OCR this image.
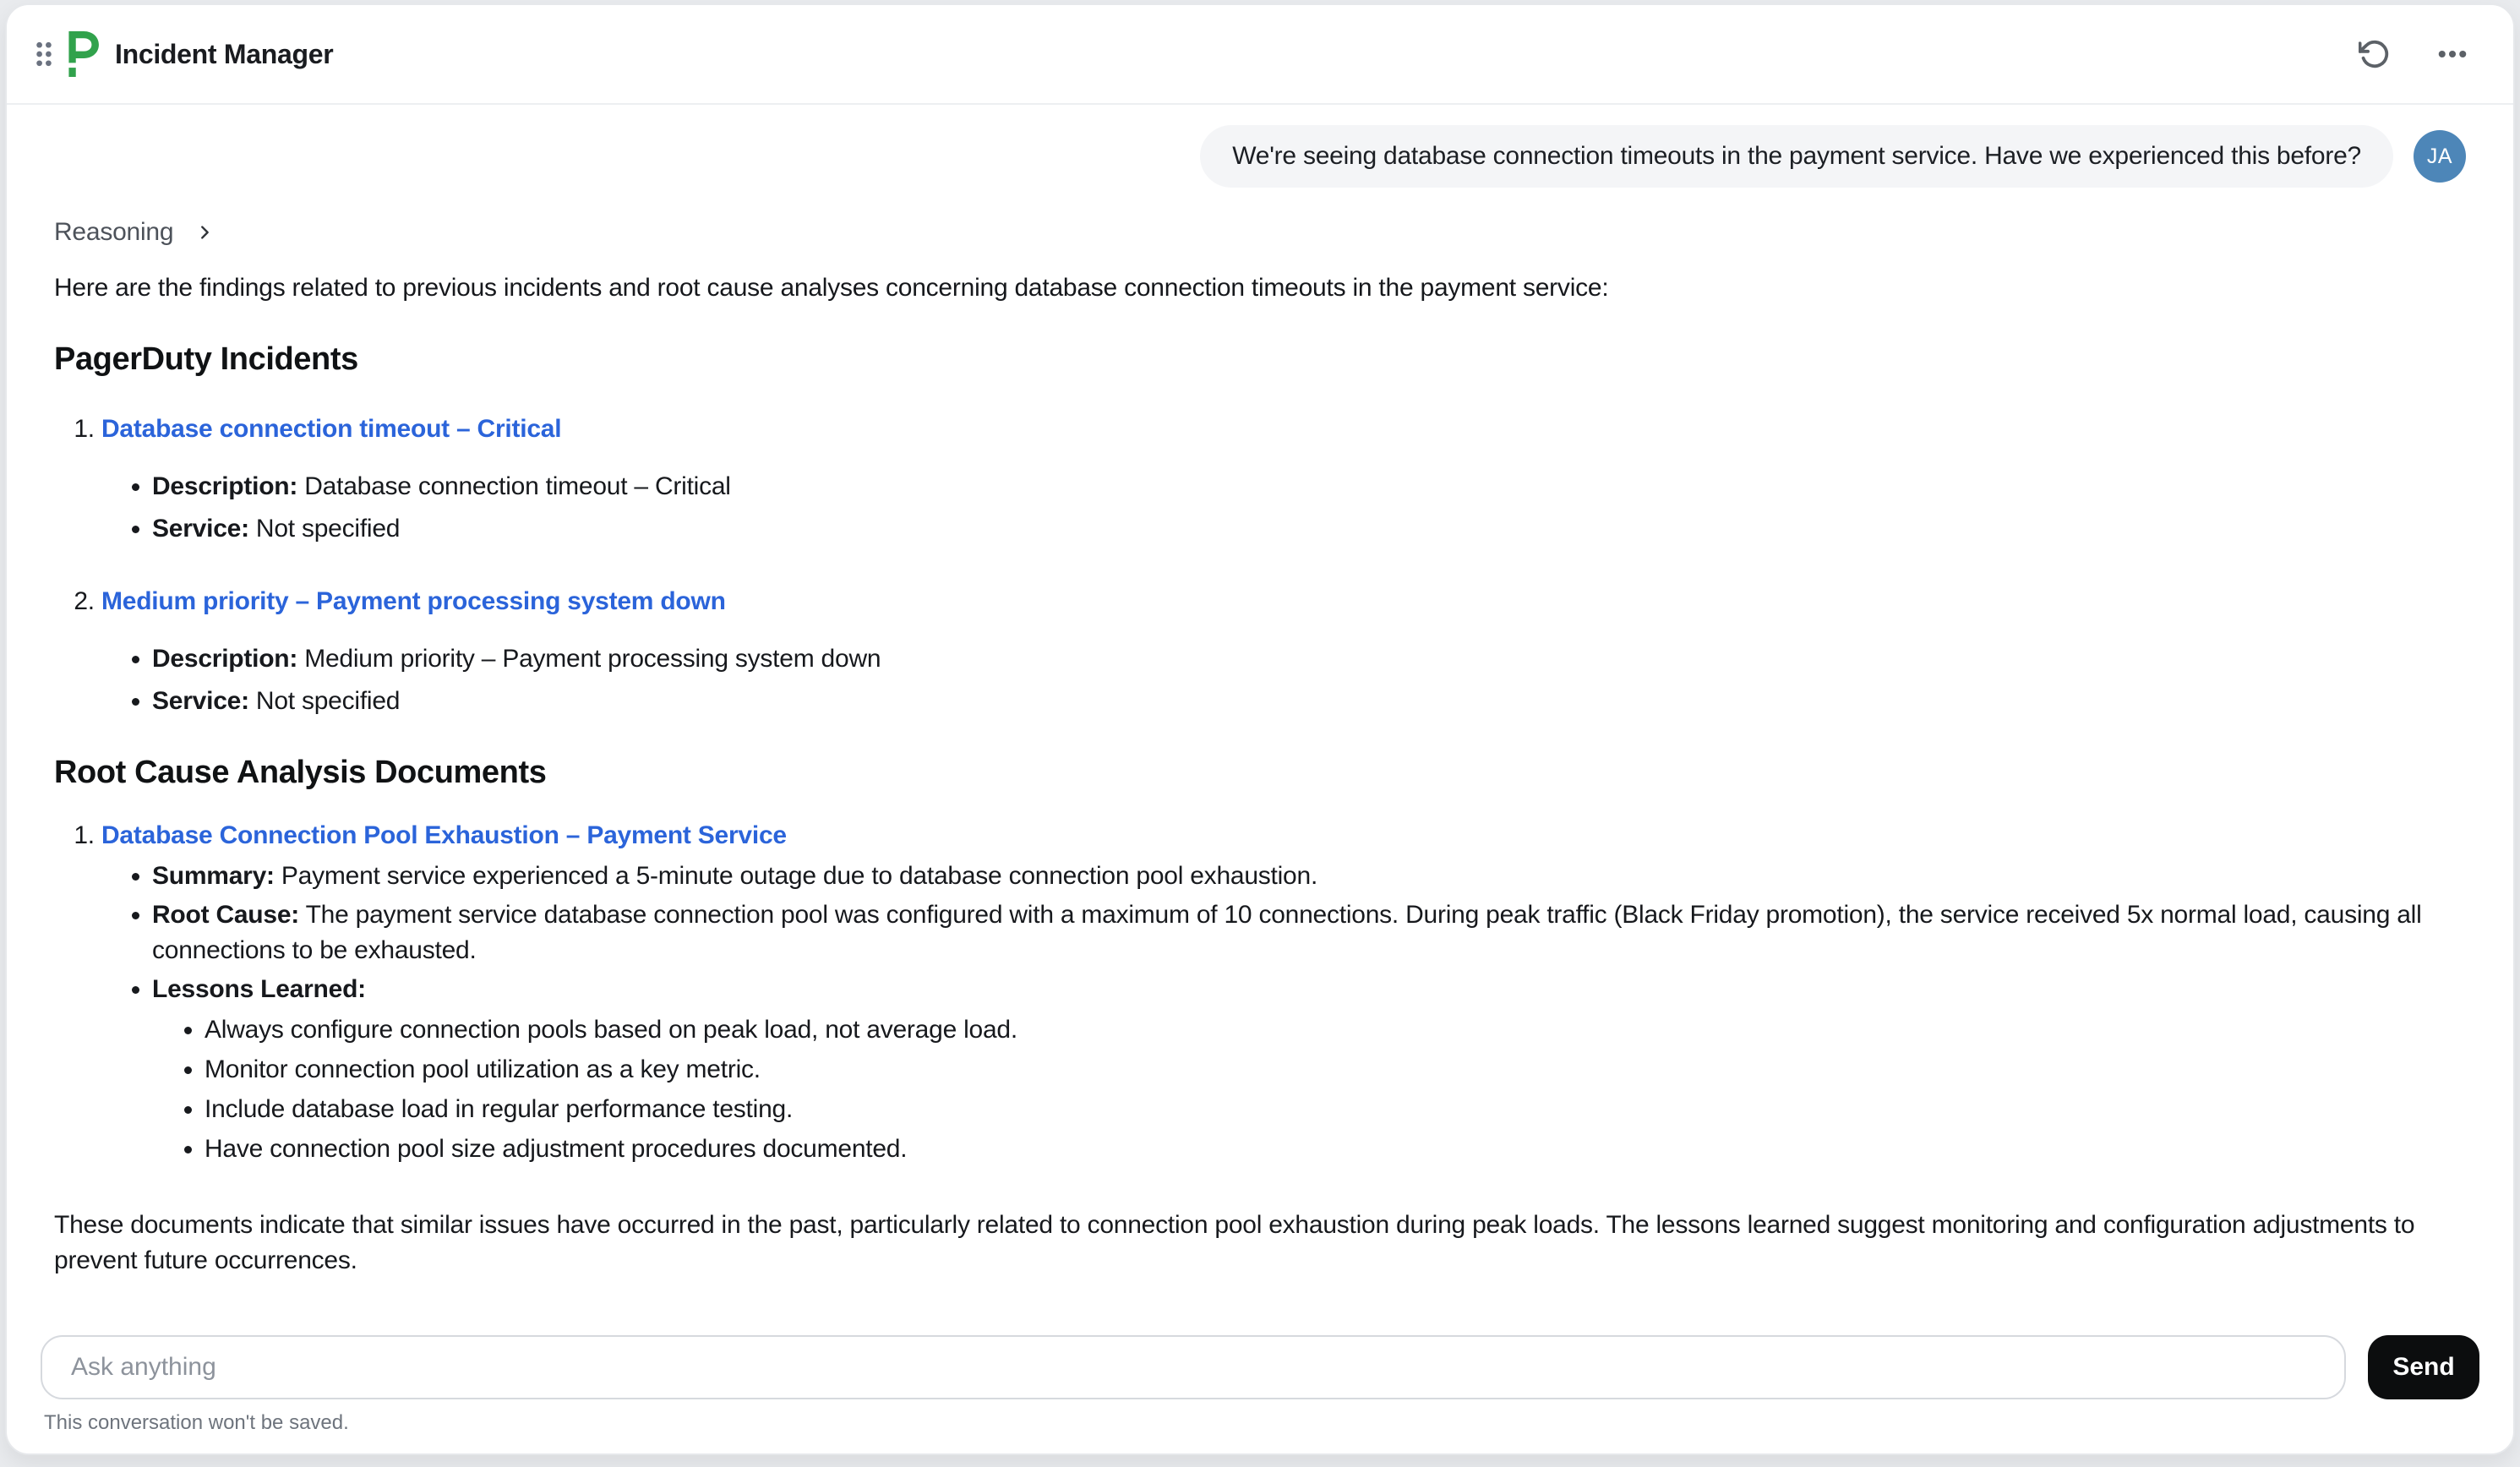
Incident Manager
We're seeing database connection timeouts in the payment service. Have we experienced this before?	JA
Reasoning

Here are the findings related to previous incidents and root cause analyses concerning database connection timeouts in the payment service:

PagerDuty Incidents
1. Database connection timeout – Critical
• Description: Database connection timeout – Critical
• Service: Not specified
2. Medium priority – Payment processing system down
• Description: Medium priority – Payment processing system down
• Service: Not specified
Root Cause Analysis Documents
1. Database Connection Pool Exhaustion – Payment Service
• Summary: Payment service experienced a 5-minute outage due to database connection pool exhaustion.
• Root Cause: The payment service database connection pool was configured with a maximum of 10 connections. During peak traffic (Black Friday promotion), the service received 5x normal load, causing all connections to be exhausted.
• Lessons Learned:
• Always configure connection pools based on peak load, not average load.
• Monitor connection pool utilization as a key metric.
• Include database load in regular performance testing.
• Have connection pool size adjustment procedures documented.

These documents indicate that similar issues have occurred in the past, particularly related to connection pool exhaustion during peak loads. The lessons learned suggest monitoring and configuration adjustments to prevent future occurrences.

Ask anything
Send
This conversation won't be saved.
